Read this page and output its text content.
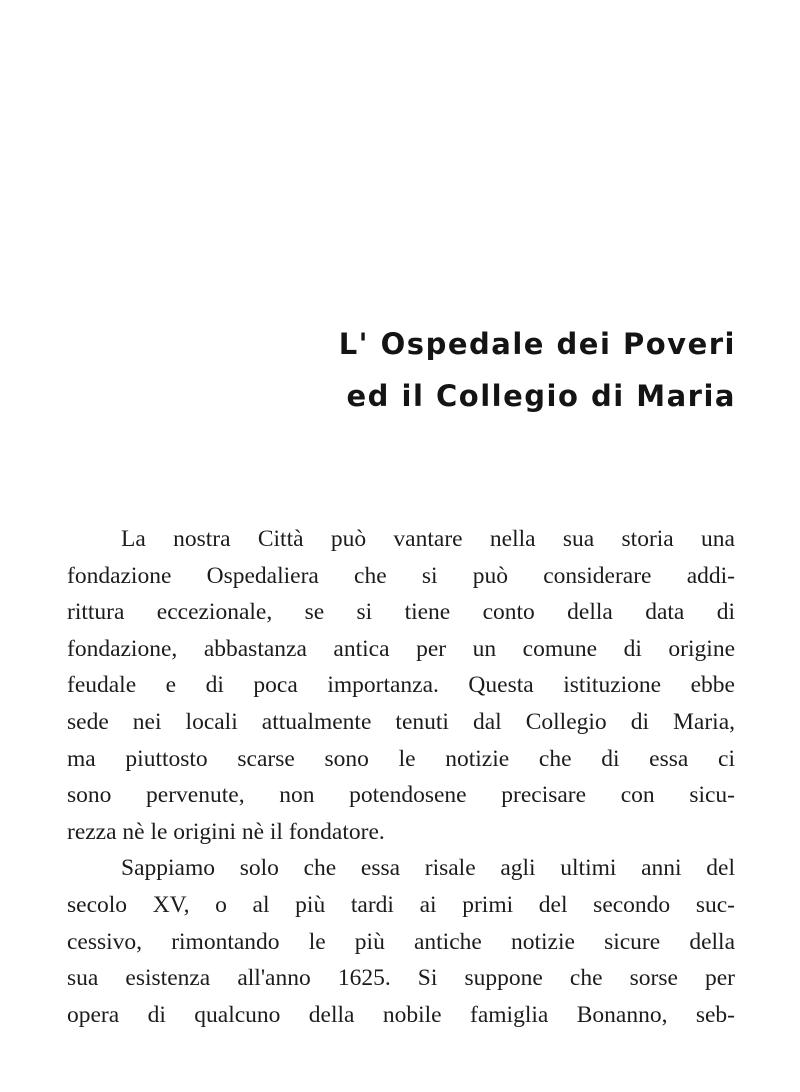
L' Ospedale dei Poveri
ed il Collegio di Maria
La nostra Città può vantare nella sua storia una
fondazione Ospedaliera che si può considerare addi-
rittura eccezionale, se si tiene conto della data di
fondazione, abbastanza antica per un comune di origine
feudale e di poca importanza. Questa istituzione ebbe
sede nei locali attualmente tenuti dal Collegio di Maria,
ma piuttosto scarse sono le notizie che di essa ci
sono pervenute, non potendosene precisare con sicu-
rezza nè le origini nè il fondatore.
Sappiamo solo che essa risale agli ultimi anni del
secolo XV, o al più tardi ai primi del secondo suc-
cessivo, rimontando le più antiche notizie sicure della
sua esistenza all'anno 1625. Si suppone che sorse per
opera di qualcuno della nobile famiglia Bonanno, seb-
